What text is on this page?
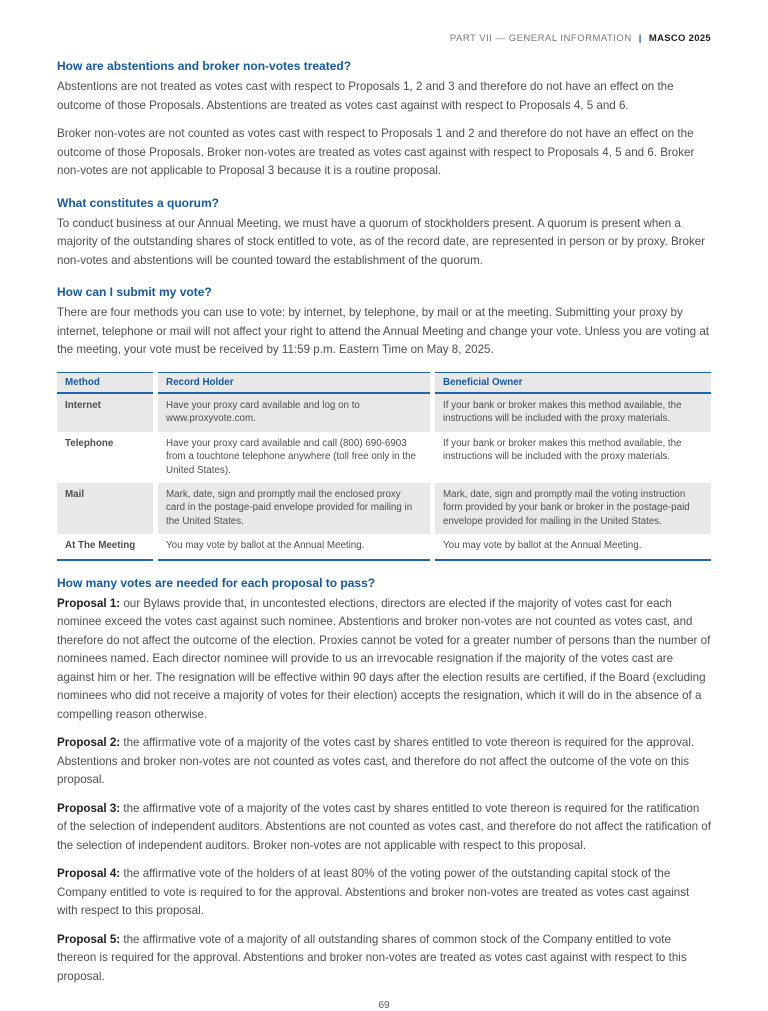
PART VII — GENERAL INFORMATION | MASCO 2025
How are abstentions and broker non-votes treated?

Abstentions are not treated as votes cast with respect to Proposals 1, 2 and 3 and therefore do not have an effect on the outcome of those Proposals. Abstentions are treated as votes cast against with respect to Proposals 4, 5 and 6.

Broker non-votes are not counted as votes cast with respect to Proposals 1 and 2 and therefore do not have an effect on the outcome of those Proposals. Broker non-votes are treated as votes cast against with respect to Proposals 4, 5 and 6. Broker non-votes are not applicable to Proposal 3 because it is a routine proposal.

What constitutes a quorum?

To conduct business at our Annual Meeting, we must have a quorum of stockholders present. A quorum is present when a majority of the outstanding shares of stock entitled to vote, as of the record date, are represented in person or by proxy. Broker non-votes and abstentions will be counted toward the establishment of the quorum.

How can I submit my vote?

There are four methods you can use to vote: by internet, by telephone, by mail or at the meeting. Submitting your proxy by internet, telephone or mail will not affect your right to attend the Annual Meeting and change your vote. Unless you are voting at the meeting, your vote must be received by 11:59 p.m. Eastern Time on May 8, 2025.

Method	Record Holder	Beneficial Owner
Internet	Have your proxy card available and log on to www.proxyvote.com.	If your bank or broker makes this method available, the instructions will be included with the proxy materials.
Telephone	Have your proxy card available and call (800) 690-6903 from a touchtone telephone anywhere (toll free only in the United States).	If your bank or broker makes this method available, the instructions will be included with the proxy materials.
Mail	Mark, date, sign and promptly mail the enclosed proxy card in the postage-paid envelope provided for mailing in the United States.	Mark, date, sign and promptly mail the voting instruction form provided by your bank or broker in the postage-paid envelope provided for mailing in the United States.
At The Meeting	You may vote by ballot at the Annual Meeting.	You may vote by ballot at the Annual Meeting.
How many votes are needed for each proposal to pass?

Proposal 1: our Bylaws provide that, in uncontested elections, directors are elected if the majority of votes cast for each nominee exceed the votes cast against such nominee. Abstentions and broker non-votes are not counted as votes cast, and therefore do not affect the outcome of the election. Proxies cannot be voted for a greater number of persons than the number of nominees named. Each director nominee will provide to us an irrevocable resignation if the majority of the votes cast are against him or her. The resignation will be effective within 90 days after the election results are certified, if the Board (excluding nominees who did not receive a majority of votes for their election) accepts the resignation, which it will do in the absence of a compelling reason otherwise.

Proposal 2: the affirmative vote of a majority of the votes cast by shares entitled to vote thereon is required for the approval. Abstentions and broker non-votes are not counted as votes cast, and therefore do not affect the outcome of the vote on this proposal.

Proposal 3: the affirmative vote of a majority of the votes cast by shares entitled to vote thereon is required for the ratification of the selection of independent auditors. Abstentions are not counted as votes cast, and therefore do not affect the ratification of the selection of independent auditors. Broker non-votes are not applicable with respect to this proposal.

Proposal 4: the affirmative vote of the holders of at least 80% of the voting power of the outstanding capital stock of the Company entitled to vote is required to for the approval. Abstentions and broker non-votes are treated as votes cast against with respect to this proposal.

Proposal 5: the affirmative vote of a majority of all outstanding shares of common stock of the Company entitled to vote thereon is required for the approval. Abstentions and broker non-votes are treated as votes cast against with respect to this proposal.

69
